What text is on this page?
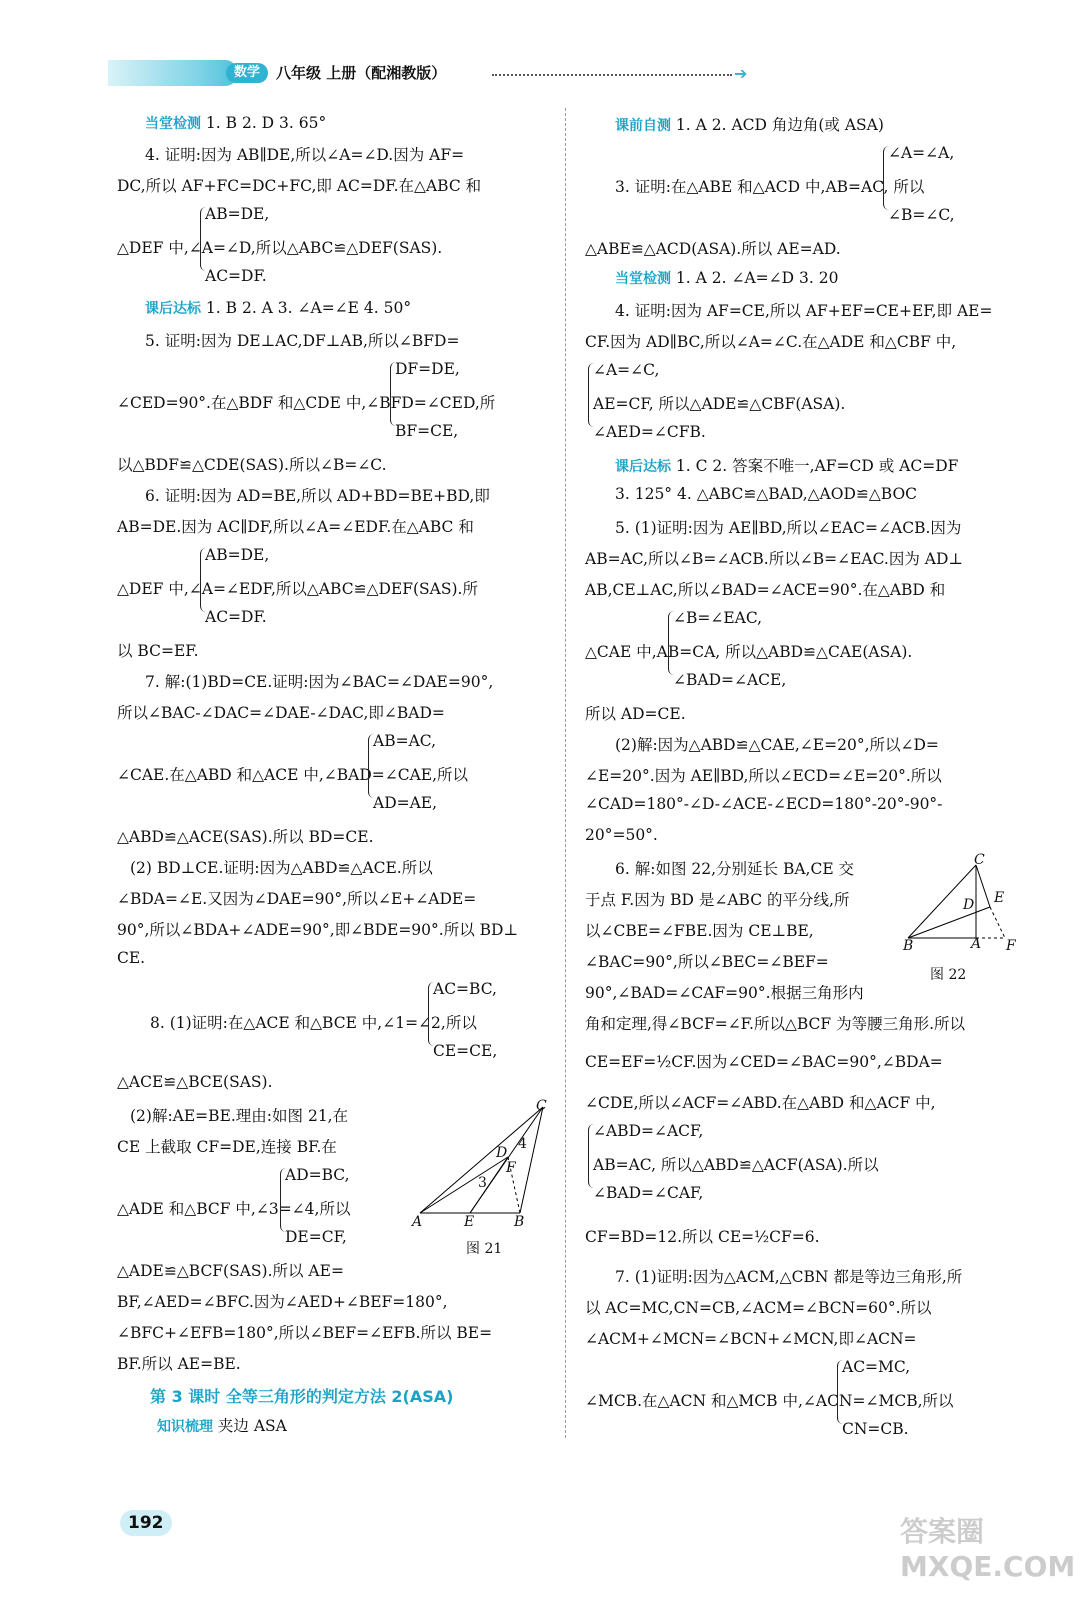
数学	八年级 上册（配湘教版）	➔
当堂检测 1. B 2. D 3. 65°
4. 证明:因为 AB∥DE,所以∠A=∠D.因为 AF=
DC,所以 AF+FC=DC+FC,即 AC=DF.在△ABC 和
AB=DE,
△DEF 中,∠A=∠D,所以△ABC≌△DEF(SAS).
AC=DF.
课后达标 1. B 2. A 3. ∠A=∠E 4. 50°
5. 证明:因为 DE⊥AC,DF⊥AB,所以∠BFD=
DF=DE,
∠CED=90°.在△BDF 和△CDE 中,∠BFD=∠CED,所
BF=CE,
以△BDF≌△CDE(SAS).所以∠B=∠C.
6. 证明:因为 AD=BE,所以 AD+BD=BE+BD,即
AB=DE.因为 AC∥DF,所以∠A=∠EDF.在△ABC 和
AB=DE,
△DEF 中,∠A=∠EDF,所以△ABC≌△DEF(SAS).所
AC=DF.
以 BC=EF.
7. 解:(1)BD=CE.证明:因为∠BAC=∠DAE=90°,
所以∠BAC-∠DAC=∠DAE-∠DAC,即∠BAD=
AB=AC,
∠CAE.在△ABD 和△ACE 中,∠BAD=∠CAE,所以
AD=AE,
△ABD≌△ACE(SAS).所以 BD=CE.
(2) BD⊥CE.证明:因为△ABD≌△ACE.所以
∠BDA=∠E.又因为∠DAE=90°,所以∠E+∠ADE=
90°,所以∠BDA+∠ADE=90°,即∠BDE=90°.所以 BD⊥
CE.
AC=BC,
8. (1)证明:在△ACE 和△BCE 中,∠1=∠2,所以
CE=CE,
△ACE≌△BCE(SAS).
(2)解:AE=BE.理由:如图 21,在
CE 上截取 CF=DE,连接 BF.在
AD=BC,
△ADE 和△BCF 中,∠3=∠4,所以
DE=CF,
△ADE≌△BCF(SAS).所以 AE=
BF,∠AED=∠BFC.因为∠AED+∠BEF=180°,
∠BFC+∠EFB=180°,所以∠BEF=∠EFB.所以 BE=
BF.所以 AE=BE.
第 3 课时 全等三角形的判定方法 2(ASA)
知识梳理 夹边 ASA
课前自测 1. A 2. ACD 角边角(或 ASA)
∠A=∠A,
3. 证明:在△ABE 和△ACD 中,AB=AC, 所以
∠B=∠C,
△ABE≌△ACD(ASA).所以 AE=AD.
当堂检测 1. A 2. ∠A=∠D 3. 20
4. 证明:因为 AF=CE,所以 AF+EF=CE+EF,即 AE=
CF.因为 AD∥BC,所以∠A=∠C.在△ADE 和△CBF 中,
∠A=∠C,
AE=CF, 所以△ADE≌△CBF(ASA).
∠AED=∠CFB.
课后达标 1. C 2. 答案不唯一,AF=CD 或 AC=DF
3. 125° 4. △ABC≌△BAD,△AOD≌△BOC
5. (1)证明:因为 AE∥BD,所以∠EAC=∠ACB.因为
AB=AC,所以∠B=∠ACB.所以∠B=∠EAC.因为 AD⊥
AB,CE⊥AC,所以∠BAD=∠ACE=90°.在△ABD 和
∠B=∠EAC,
△CAE 中,AB=CA, 所以△ABD≌△CAE(ASA).
∠BAD=∠ACE,
所以 AD=CE.
(2)解:因为△ABD≌△CAE,∠E=20°,所以∠D=
∠E=20°.因为 AE∥BD,所以∠ECD=∠E=20°.所以
∠CAD=180°-∠D-∠ACE-∠ECD=180°-20°-90°-
20°=50°.
6. 解:如图 22,分别延长 BA,CE 交
于点 F.因为 BD 是∠ABC 的平分线,所
以∠CBE=∠FBE.因为 CE⊥BE,
∠BAC=90°,所以∠BEC=∠BEF=
90°,∠BAD=∠CAF=90°.根据三角形内
角和定理,得∠BCF=∠F.所以△BCF 为等腰三角形.所以
CE=EF=½CF.因为∠CED=∠BAC=90°,∠BDA=
∠CDE,所以∠ACF=∠ABD.在△ABD 和△ACF 中,
∠ABD=∠ACF,
AB=AC, 所以△ABD≌△ACF(ASA).所以
∠BAD=∠CAF,
CF=BD=12.所以 CE=½CF=6.
7. (1)证明:因为△ACM,△CBN 都是等边三角形,所
以 AC=MC,CN=CB,∠ACM=∠BCN=60°.所以
∠ACM+∠MCN=∠BCN+∠MCN,即∠ACN=
AC=MC,
∠MCB.在△ACN 和△MCB 中,∠ACN=∠MCB,所以
CN=CB.
C
4
D
F
3
A	E	B
图 21
C
E
D
B	A F
图 22
192	答案圈 MXQE.COM
